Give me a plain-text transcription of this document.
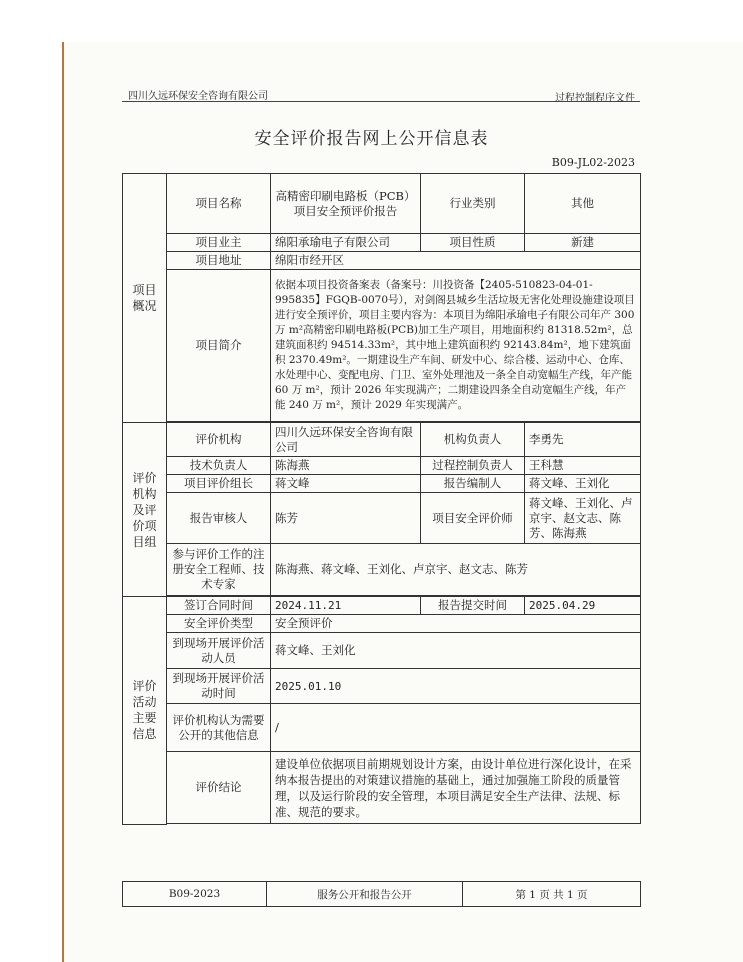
四川久远环保安全咨询有限公司	过程控制程序文件
安全评价报告网上公开信息表
B09-JL02-2023
项目概况	项目名称	高精密印刷电路板（PCB）项目安全预评价报告	行业类别	其他
	项目业主	绵阳承瑜电子有限公司	项目性质	新建
	项目地址	绵阳市经开区		
	项目简介	依据本项目投资备案表（备案号：川投资备【2405-510823-04-01-995835】FGQB-0070号），对剑阁县城乡生活垃圾无害化处理设施建设项目进行安全预评价，项目主要内容为：本项目为绵阳承瑜电子有限公司年产 300万 m²高精密印刷电路板(PCB)加工生产项目，用地面积约 81318.52m²，总建筑面积约 94514.33m²，其中地上建筑面积约 92143.84m²，地下建筑面积 2370.49m²。一期建设生产车间、研发中心、综合楼、运动中心、仓库、水处理中心、变配电房、门卫、室外处理池及一条全自动宽幅生产线，年产能 60 万 m²，预计 2026 年实现满产；二期建设四条全自动宽幅生产线，年产能 240 万 m²，预计 2029 年实现满产。		

评价机构及评价项目组	评价机构	四川久远环保安全咨询有限公司	机构负责人	李勇先
	技术负责人	陈海燕	过程控制负责人	王科慧
	项目评价组长	蒋文峰	报告编制人	蒋文峰、王刘化
	报告审核人	陈芳	项目安全评价师	蒋文峰、王刘化、卢京宇、赵文志、陈芳、陈海燕
	参与评价工作的注册安全工程师、技术专家	陈海燕、蒋文峰、王刘化、卢京宇、赵文志、陈芳		

评价活动主要信息	签订合同时间	2024.11.21	报告提交时间	2025.04.29
	安全评价类型	安全预评价		
	到现场开展评价活动人员	蒋文峰、王刘化		
	到现场开展评价活动时间	2025.01.10		
	评价机构认为需要公开的其他信息	/		
	评价结论	建设单位依据项目前期规划设计方案，由设计单位进行深化设计，在采纳本报告提出的对策建议措施的基础上，通过加强施工阶段的质量管理，以及运行阶段的安全管理，本项目满足安全生产法律、法规、标准、规范的要求。		

B09-2023	服务公开和报告公开	第 1 页 共 1 页
